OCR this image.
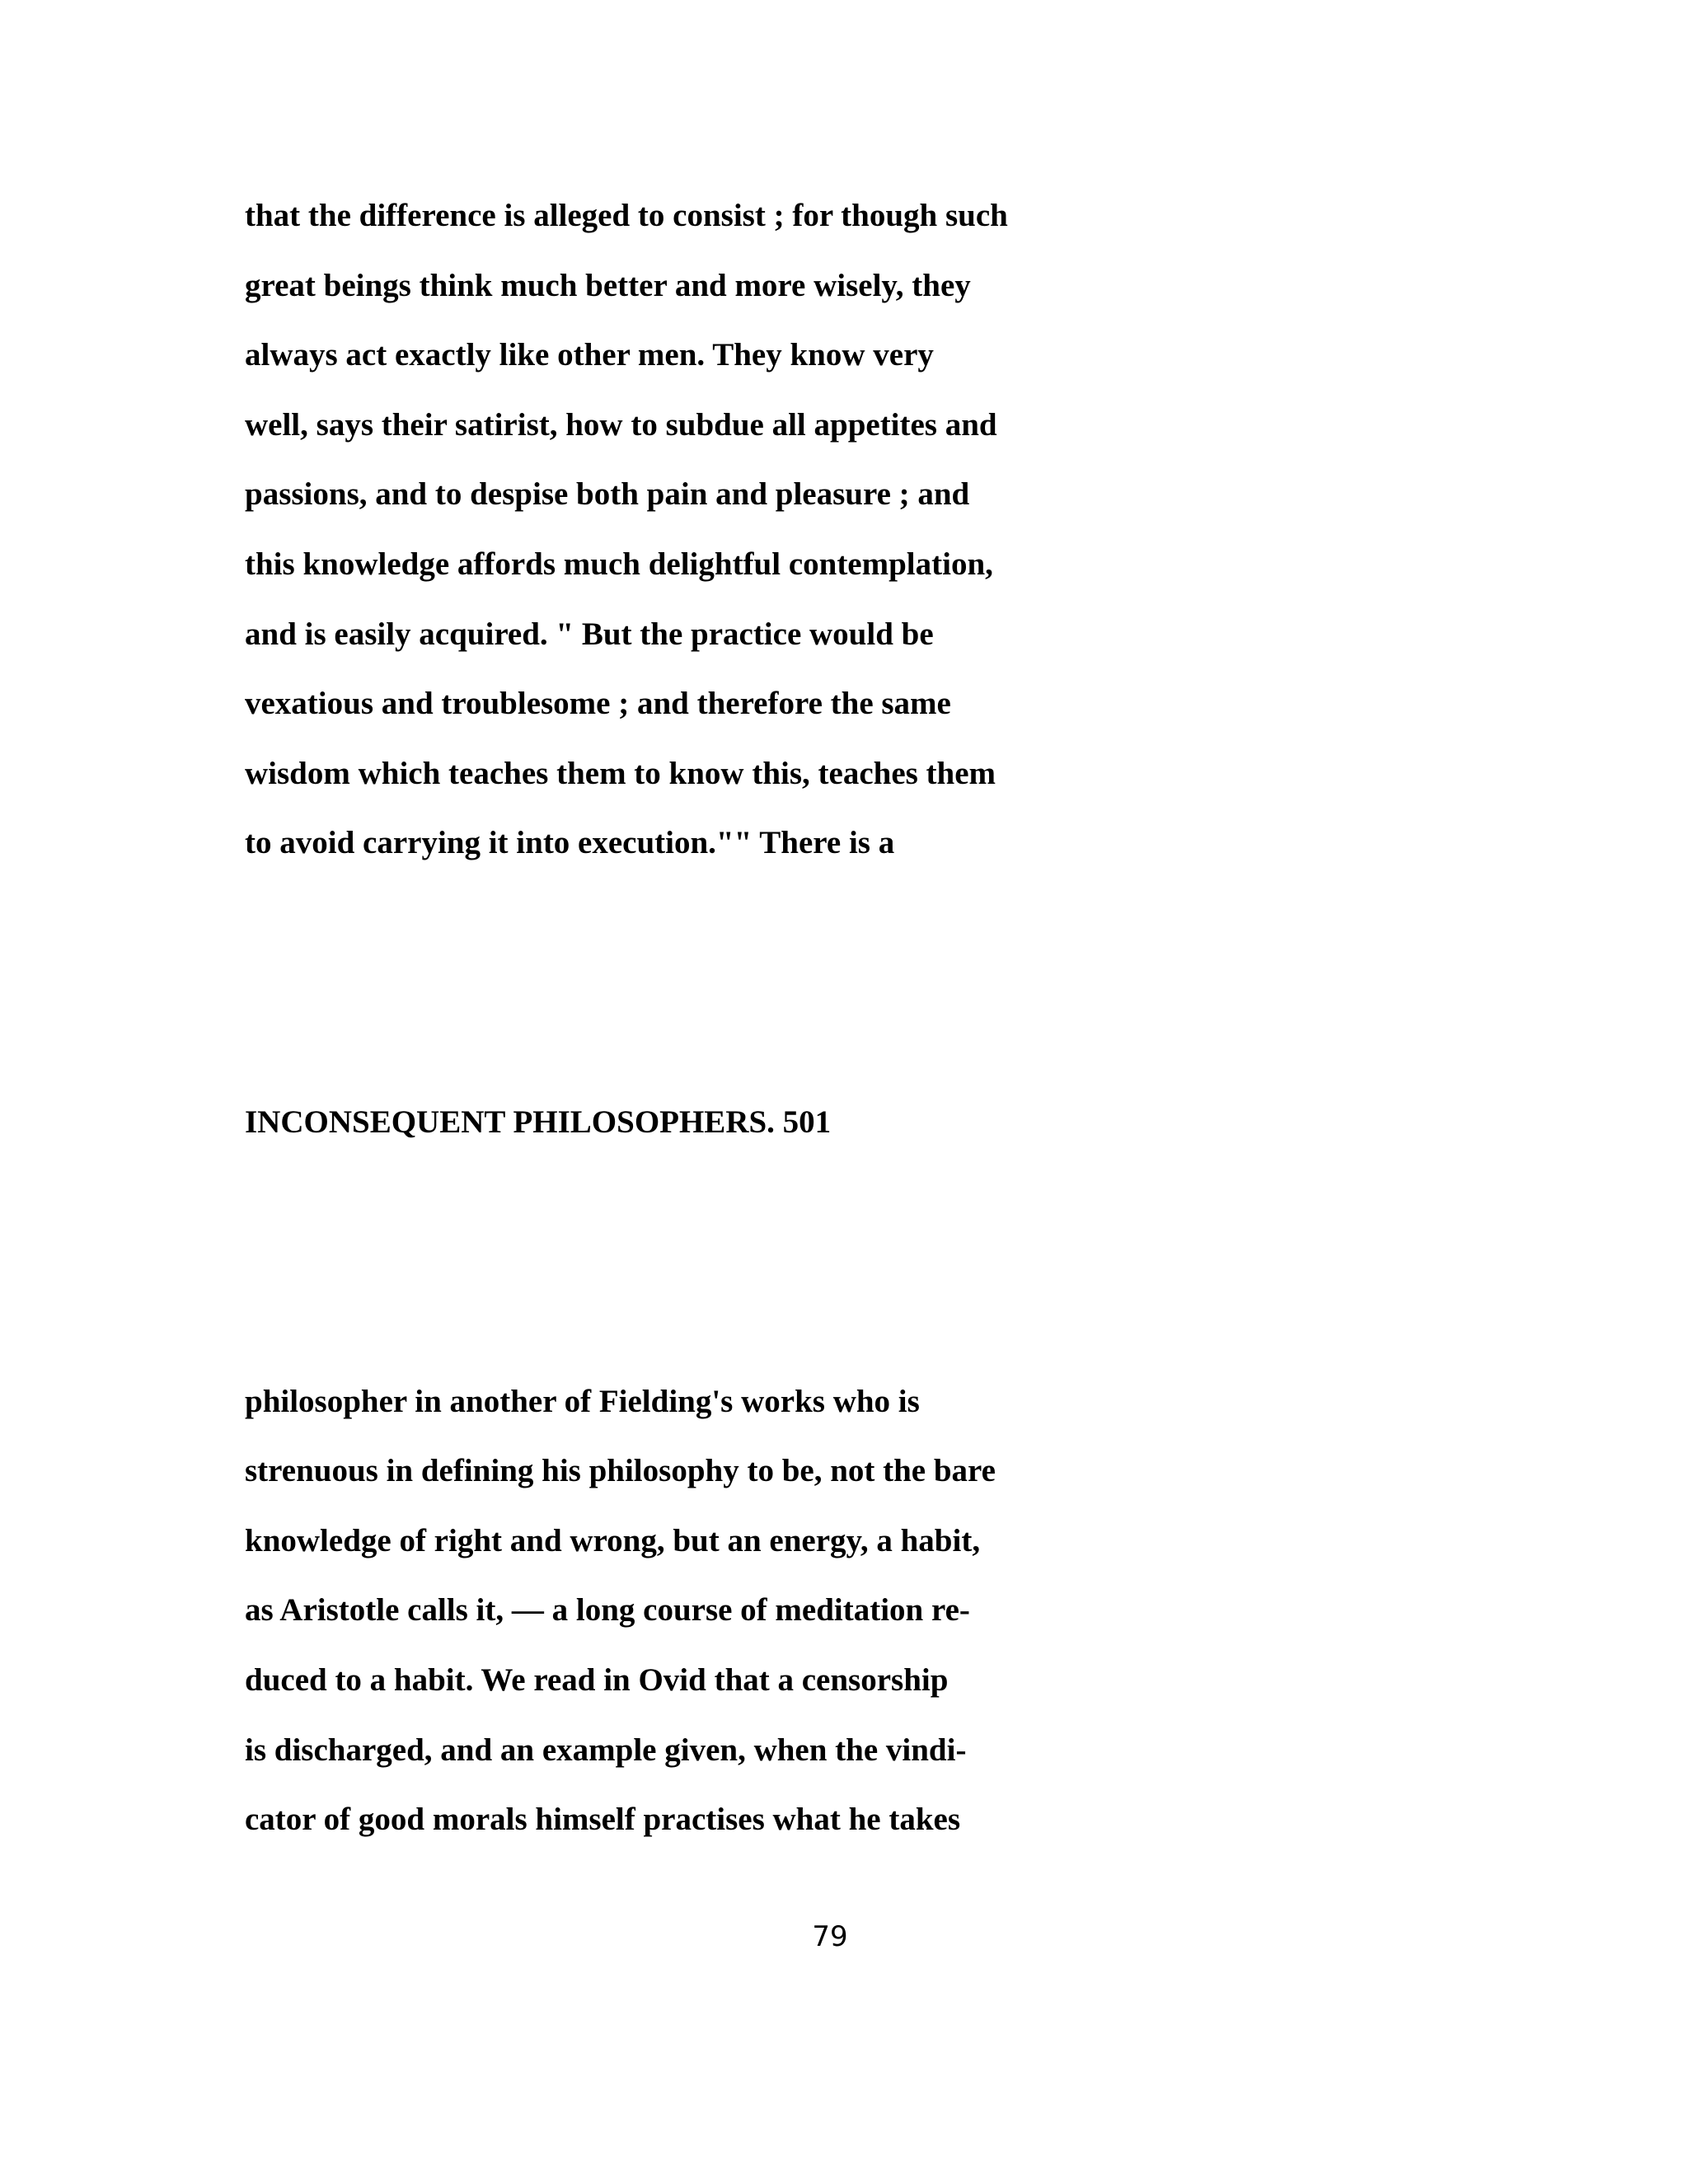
that the difference is alleged to consist ; for though such
great beings think much better and more wisely, they
always act exactly like other men. They know very
well, says their satirist, how to subdue all appetites and
passions, and to despise both pain and pleasure ; and
this knowledge affords much delightful contemplation,
and is easily acquired. " But the practice would be
vexatious and troublesome ; and therefore the same
wisdom which teaches them to know this, teaches them
to avoid carrying it into execution."" There is a
INCONSEQUENT PHILOSOPHERS. 501
philosopher in another of Fielding's works who is
strenuous in defining his philosophy to be, not the bare
knowledge of right and wrong, but an energy, a habit,
as Aristotle calls it, — a long course of meditation re-
duced to a habit. We read in Ovid that a censorship
is discharged, and an example given, when the vindi-
cator of good morals himself practises what he takes
79
